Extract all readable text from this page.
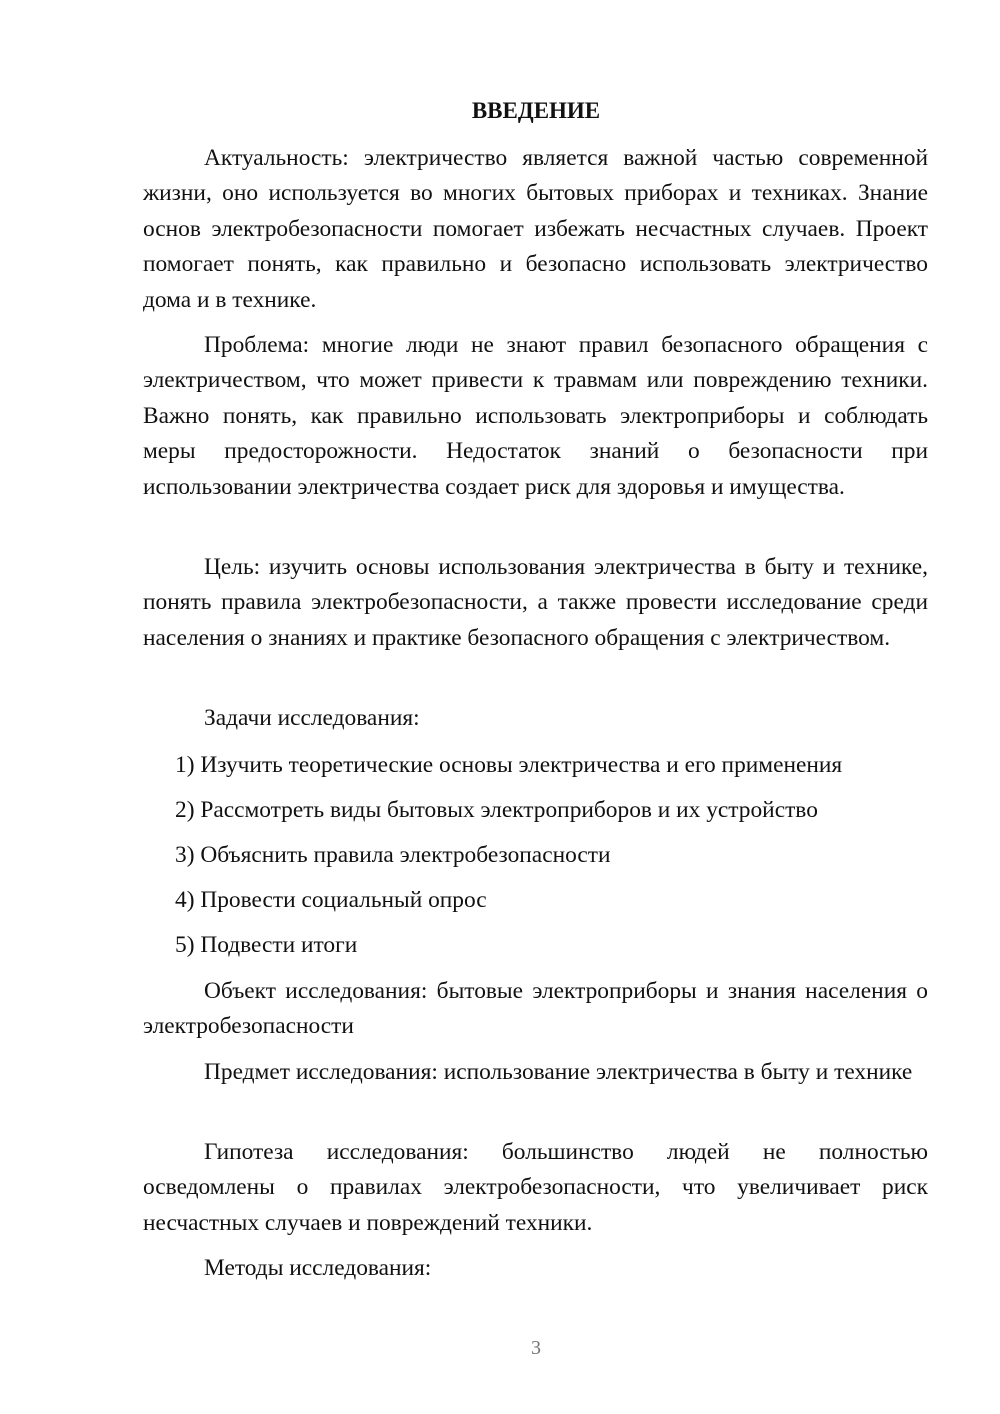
ВВЕДЕНИЕ
Актуальность: электричество является важной частью современной жизни, оно используется во многих бытовых приборах и техниках. Знание основ электробезопасности помогает избежать несчастных случаев. Проект помогает понять, как правильно и безопасно использовать электричество дома и в технике.
Проблема: многие люди не знают правил безопасного обращения с электричеством, что может привести к травмам или повреждению техники. Важно понять, как правильно использовать электроприборы и соблюдать меры предосторожности. Недостаток знаний о безопасности при использовании электричества создает риск для здоровья и имущества.
Цель: изучить основы использования электричества в быту и технике, понять правила электробезопасности, а также провести исследование среди населения о знаниях и практике безопасного обращения с электричеством.
Задачи исследования:
1) Изучить теоретические основы электричества и его применения
2) Рассмотреть виды бытовых электроприборов и их устройство
3) Объяснить правила электробезопасности
4) Провести социальный опрос
5) Подвести итоги
Объект исследования: бытовые электроприборы и знания населения о электробезопасности
Предмет исследования: использование электричества в быту и технике
Гипотеза исследования: большинство людей не полностью осведомлены о правилах электробезопасности, что увеличивает риск несчастных случаев и повреждений техники.
Методы исследования:
3
